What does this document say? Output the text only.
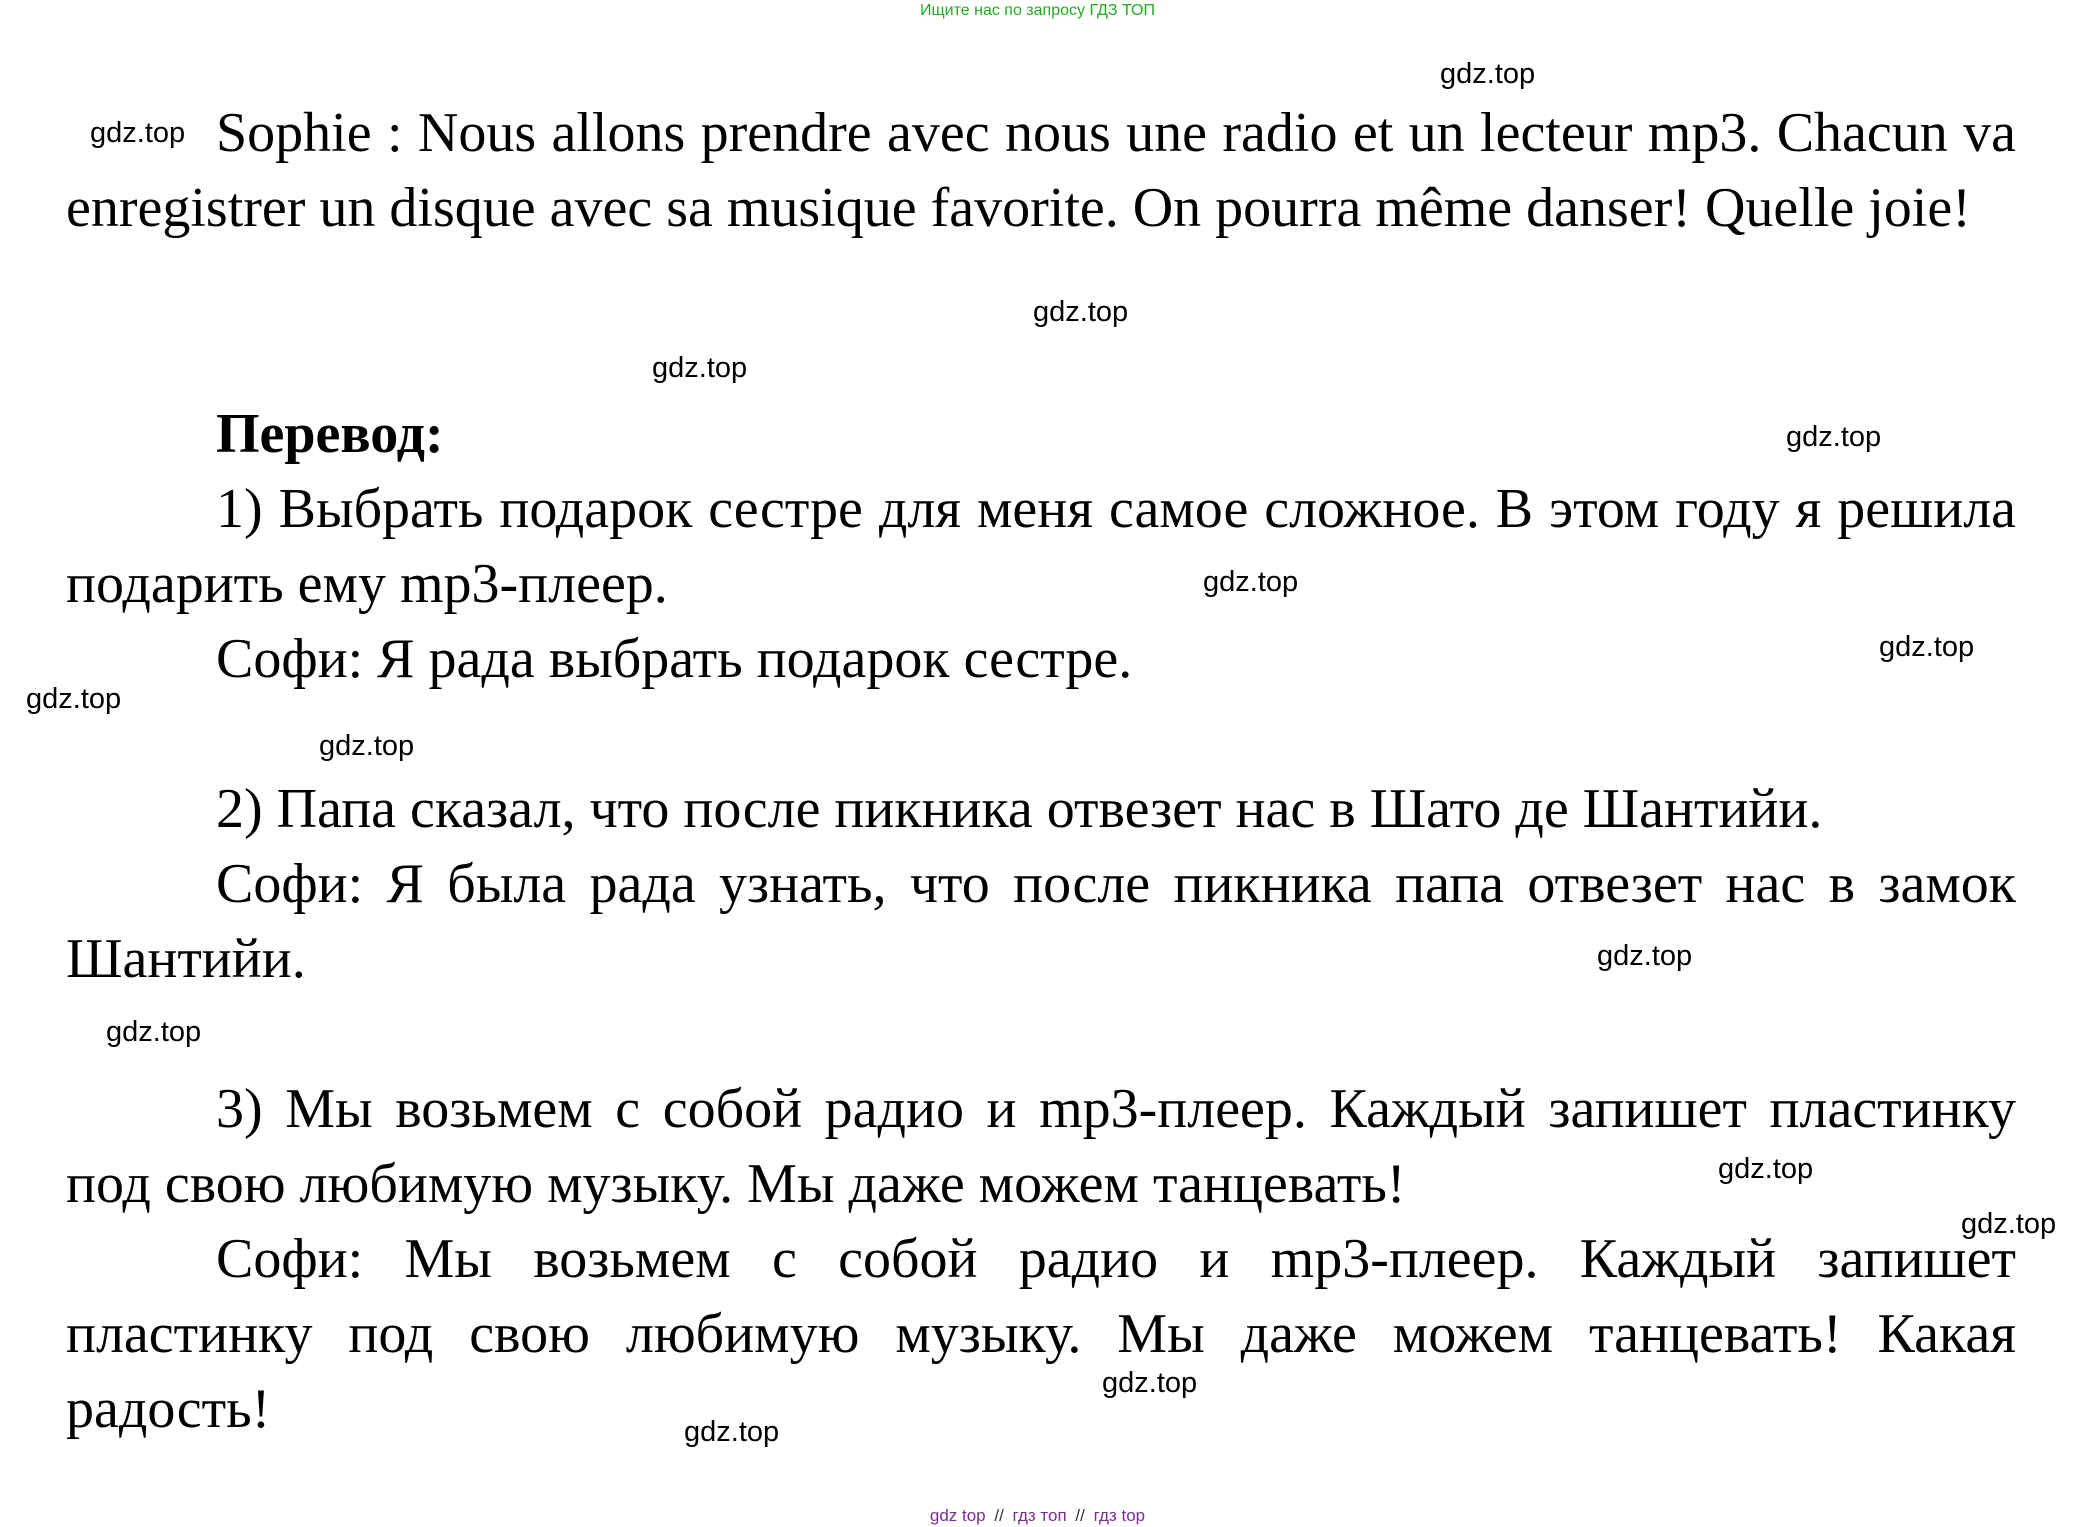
Ищите нас по запросу ГДЗ ТОП

Sophie : Nous allons prendre avec nous une radio et un lecteur mp3. Chacun va enregistrer un disque avec sa musique favorite. On pourra même danser! Quelle joie!

Перевод:

1) Выбрать подарок сестре для меня самое сложное. В этом году я решила подарить ему mp3-плеер.

Софи: Я рада выбрать подарок сестре.

2) Папа сказал, что после пикника отвезет нас в Шато де Шантийи.

Софи: Я была рада узнать, что после пикника папа отвезет нас в замок Шантийи.

3) Мы возьмем с собой радио и mp3-плеер. Каждый запишет пластинку под свою любимую музыку. Мы даже можем танцевать!

Софи: Мы возьмем с собой радио и mp3-плеер. Каждый запишет пластинку под свою любимую музыку. Мы даже можем танцевать! Какая радость!

gdz.top
gdz.top
gdz.top
gdz.top
gdz.top
gdz.top
gdz.top
gdz.top
gdz.top
gdz.top
gdz.top
gdz.top
gdz.top
gdz.top
gdz.top
gdz top // гдз топ // гдз top
